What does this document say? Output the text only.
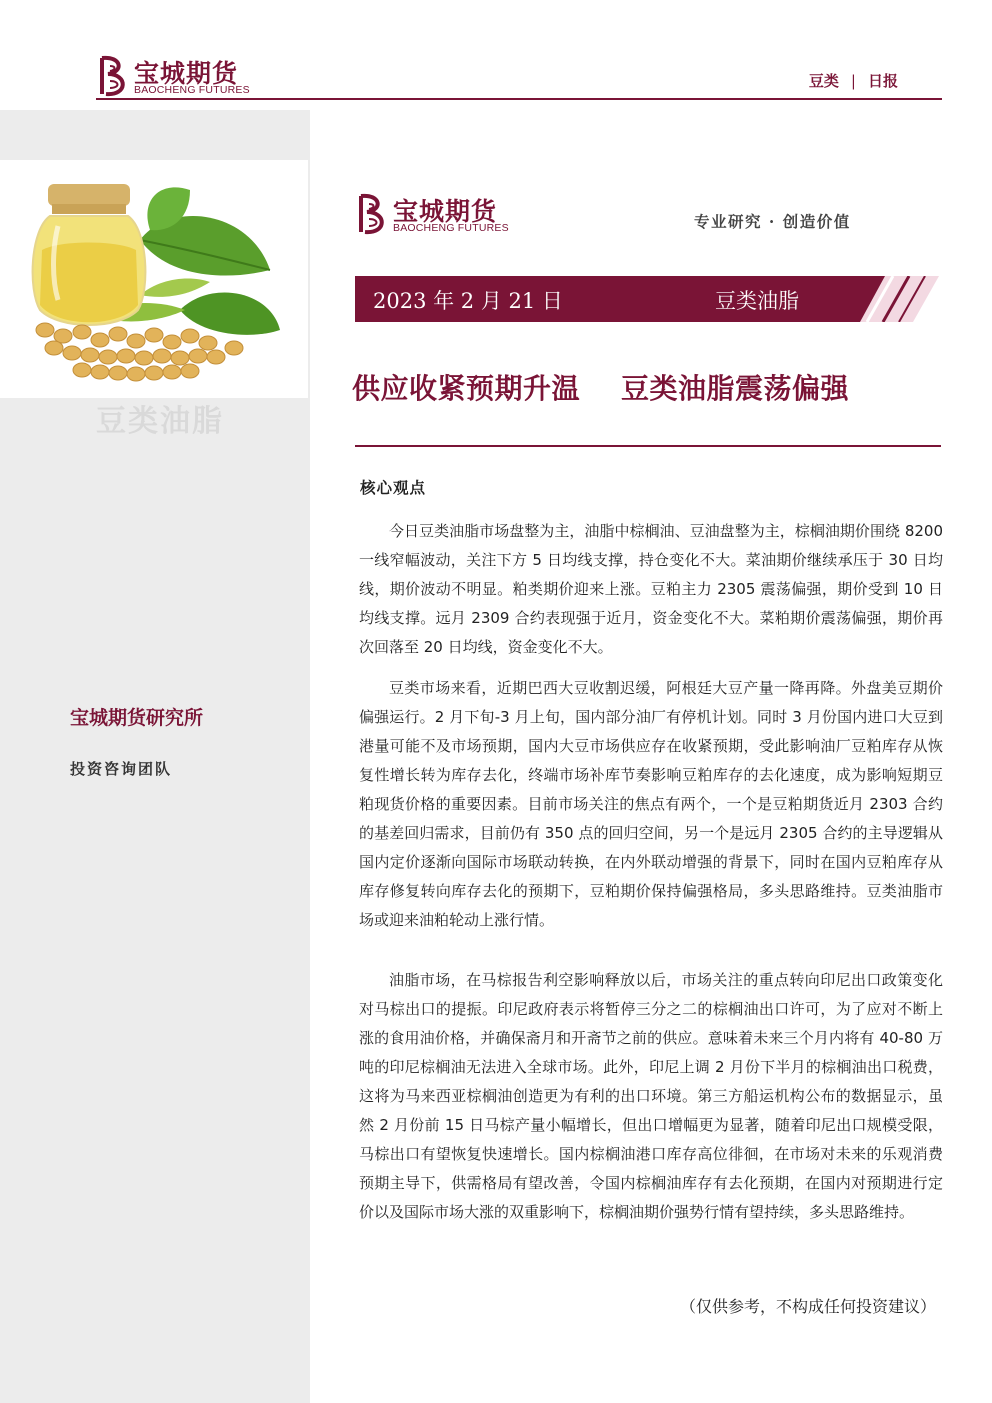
宝城期货
BAOCHENG FUTURES	豆类 | 日报
豆类油脂
宝城期货研究所
投资咨询团队
宝城期货
BAOCHENG FUTURES	专业研究 · 创造价值
2023 年 2 月 21 日	豆类油脂
供应收紧预期升温    豆类油脂震荡偏强
核心观点

今日豆类油脂市场盘整为主，油脂中棕榈油、豆油盘整为主，棕榈油期价围绕 8200 一线窄幅波动，关注下方 5 日均线支撑，持仓变化不大。菜油期价继续承压于 30 日均线，期价波动不明显。粕类期价迎来上涨。豆粕主力 2305 震荡偏强，期价受到 10 日均线支撑。远月 2309 合约表现强于近月，资金变化不大。菜粕期价震荡偏强，期价再次回落至 20 日均线，资金变化不大。

豆类市场来看，近期巴西大豆收割迟缓，阿根廷大豆产量一降再降。外盘美豆期价偏强运行。2 月下旬-3 月上旬，国内部分油厂有停机计划。同时 3 月份国内进口大豆到港量可能不及市场预期，国内大豆市场供应存在收紧预期，受此影响油厂豆粕库存从恢复性增长转为库存去化，终端市场补库节奏影响豆粕库存的去化速度，成为影响短期豆粕现货价格的重要因素。目前市场关注的焦点有两个，一个是豆粕期货近月 2303 合约的基差回归需求，目前仍有 350 点的回归空间，另一个是远月 2305 合约的主导逻辑从国内定价逐渐向国际市场联动转换，在内外联动增强的背景下，同时在国内豆粕库存从库存修复转向库存去化的预期下，豆粕期价保持偏强格局，多头思路维持。豆类油脂市场或迎来油粕轮动上涨行情。

油脂市场，在马棕报告利空影响释放以后，市场关注的重点转向印尼出口政策变化对马棕出口的提振。印尼政府表示将暂停三分之二的棕榈油出口许可，为了应对不断上涨的食用油价格，并确保斋月和开斋节之前的供应。意味着未来三个月内将有 40-80 万吨的印尼棕榈油无法进入全球市场。此外，印尼上调 2 月份下半月的棕榈油出口税费，这将为马来西亚棕榈油创造更为有利的出口环境。第三方船运机构公布的数据显示，虽然 2 月份前 15 日马棕产量小幅增长，但出口增幅更为显著，随着印尼出口规模受限，马棕出口有望恢复快速增长。国内棕榈油港口库存高位徘徊，在市场对未来的乐观消费预期主导下，供需格局有望改善，令国内棕榈油库存有去化预期，在国内对预期进行定价以及国际市场大涨的双重影响下，棕榈油期价强势行情有望持续，多头思路维持。

（仅供参考，不构成任何投资建议）
